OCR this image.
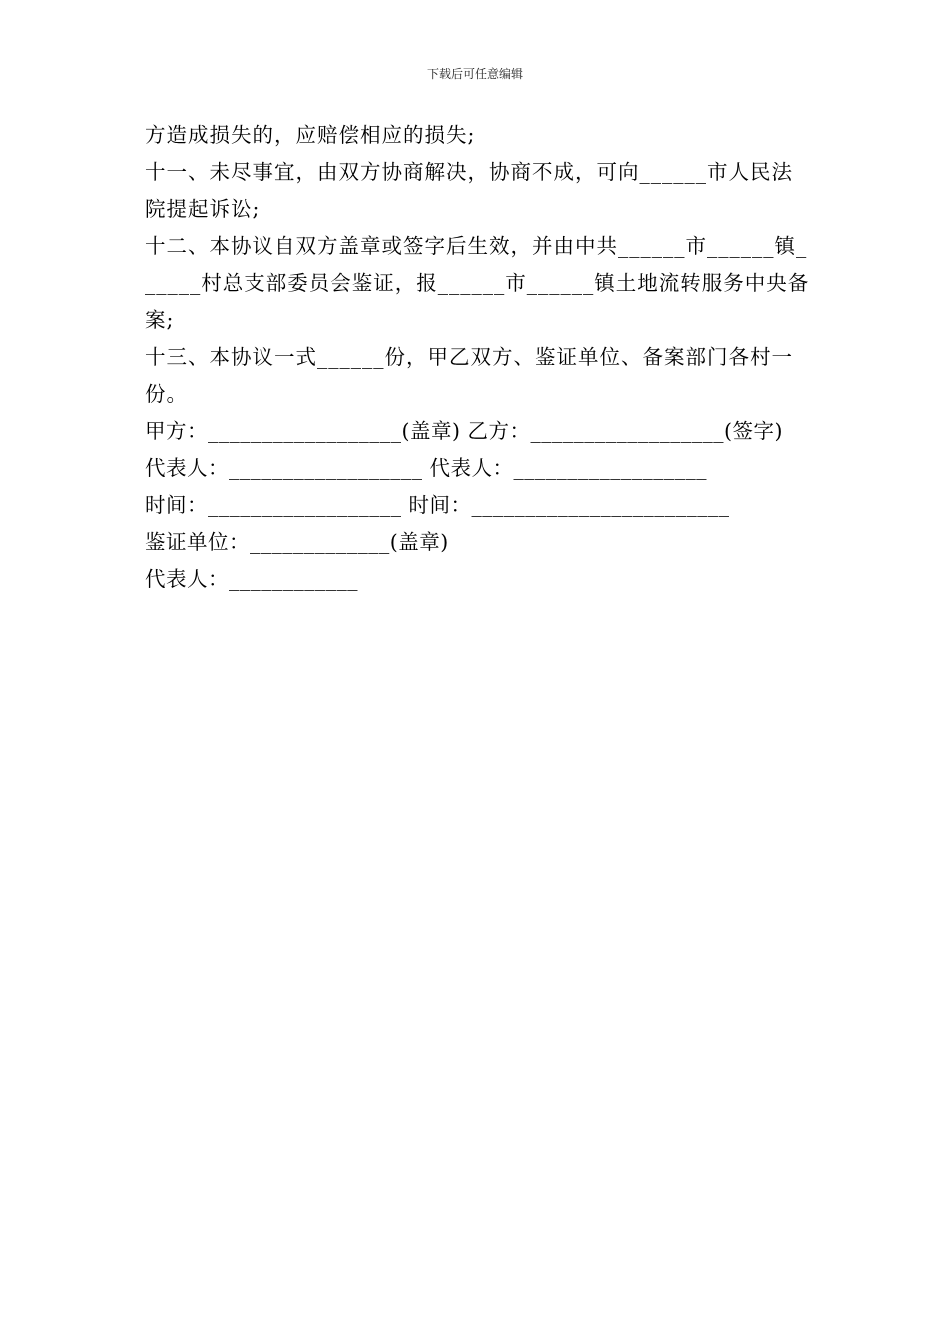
下载后可任意编辑

方造成损失的，应赔偿相应的损失;

十一、未尽事宜，由双方协商解决，协商不成，可向______市人民法院提起诉讼;

十二、本协议自双方盖章或签字后生效，并由中共______市______镇______村总支部委员会鉴证，报______市______镇土地流转服务中央备案;

十三、本协议一式______份，甲乙双方、鉴证单位、备案部门各村一份。

甲方：__________________(盖章) 乙方：__________________(签字)

代表人：__________________ 代表人：__________________

时间：__________________ 时间：________________________

鉴证单位：_____________(盖章)

代表人：____________
